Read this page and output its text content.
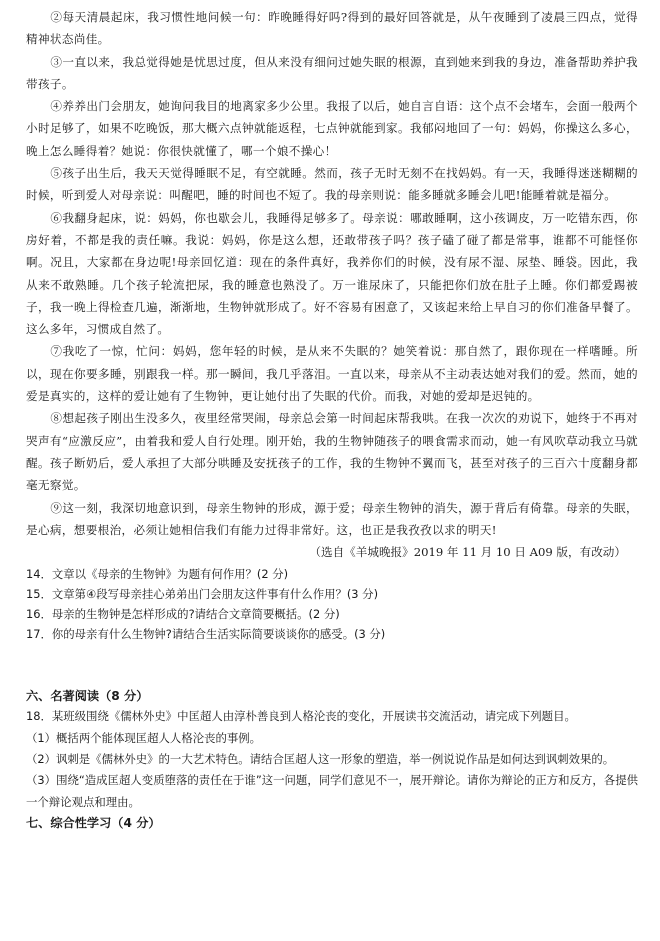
②每天清晨起床，我习惯性地问候一句：昨晚睡得好吗?得到的最好回答就是，从午夜睡到了凌晨三四点，觉得精神状态尚佳。

③一直以来，我总觉得她是忧思过度，但从来没有细问过她失眠的根源，直到她来到我的身边，准备帮助养护我带孩子。

④养养出门会朋友，她询问我目的地离家多少公里。我报了以后，她自言自语：这个点不会堵车，会面一般两个小时足够了，如果不吃晚饭，那大概六点钟就能返程，七点钟就能到家。我郁闷地回了一句：妈妈，你操这么多心，晚上怎么睡得着？她说：你很快就懂了，哪一个娘不操心！

⑤孩子出生后，我天天觉得睡眠不足，有空就睡。然而，孩子无时无刻不在找妈妈。有一天，我睡得迷迷糊糊的时候，听到爱人对母亲说：叫醒吧，睡的时间也不短了。我的母亲则说：能多睡就多睡会儿吧!能睡着就是福分。

⑥我翻身起床，说：妈妈，你也歇会儿，我睡得足够多了。母亲说：哪敢睡啊，这小孩调皮，万一吃错东西，你房好着，不都是我的责任嘛。我说：妈妈，你是这么想，还敢带孩子吗？孩子磕了碰了都是常事，谁都不可能怪你啊。况且，大家都在身边呢!母亲回忆道：现在的条件真好，我养你们的时候，没有尿不湿、尿垫、睡袋。因此，我从来不敢熟睡。几个孩子轮流把尿，我的睡意也熟没了。万一谁尿床了，只能把你们放在肚子上睡。你们都爱踢被子，我一晚上得检查几遍，渐渐地，生物钟就形成了。好不容易有困意了，又该起来给上早自习的你们准备早餐了。这么多年，习惯成自然了。

⑦我吃了一惊，忙问：妈妈，您年轻的时候，是从来不失眠的？她笑着说：那自然了，跟你现在一样嗜睡。所以，现在你要多睡，别跟我一样。那一瞬间，我几乎落泪。一直以来，母亲从不主动表达她对我们的爱。然而，她的爱是真实的，这样的爱让她有了生物钟，更让她付出了失眠的代价。而我，对她的爱却是迟钝的。

⑧想起孩子刚出生没多久，夜里经常哭闹，母亲总会第一时间起床帮我哄。在我一次次的劝说下，她终于不再对哭声有“应激反应”，由着我和爱人自行处理。刚开始，我的生物钟随孩子的喂食需求而动，她一有风吹草动我立马就醒。孩子断奶后，爱人承担了大部分哄睡及安抚孩子的工作，我的生物钟不翼而飞，甚至对孩子的三百六十度翻身都毫无察觉。

⑨这一刻，我深切地意识到，母亲生物钟的形成，源于爱；母亲生物钟的消失，源于背后有倚靠。母亲的失眠，是心病，想要根治，必须让她相信我们有能力过得非常好。这，也正是我孜孜以求的明天!

（选自《羊城晚报》2019 年 11 月 10 日 A09 版，有改动）

14．文章以《母亲的生物钟》为题有何作用？(2 分)

15．文章第④段写母亲挂心弟弟出门会朋友这件事有什么作用？(3 分)

16．母亲的生物钟是怎样形成的?请结合文章简要概括。(2 分)

17．你的母亲有什么生物钟?请结合生活实际简要谈谈你的感受。(3 分)

六、名著阅读（8 分）

18．某班级围绕《儒林外史》中匡超人由淳朴善良到人格沦丧的变化，开展读书交流活动，请完成下列题目。

（1）概括两个能体现匡超人人格沦丧的事例。

（2）讽刺是《儒林外史》的一大艺术特色。请结合匡超人这一形象的塑造，举一例说说作品是如何达到讽刺效果的。

（3）围绕“造成匡超人变质堕落的责任在于谁”这一问题，同学们意见不一，展开辩论。请你为辩论的正方和反方，各提供一个辩论观点和理由。

七、综合性学习（4 分）
